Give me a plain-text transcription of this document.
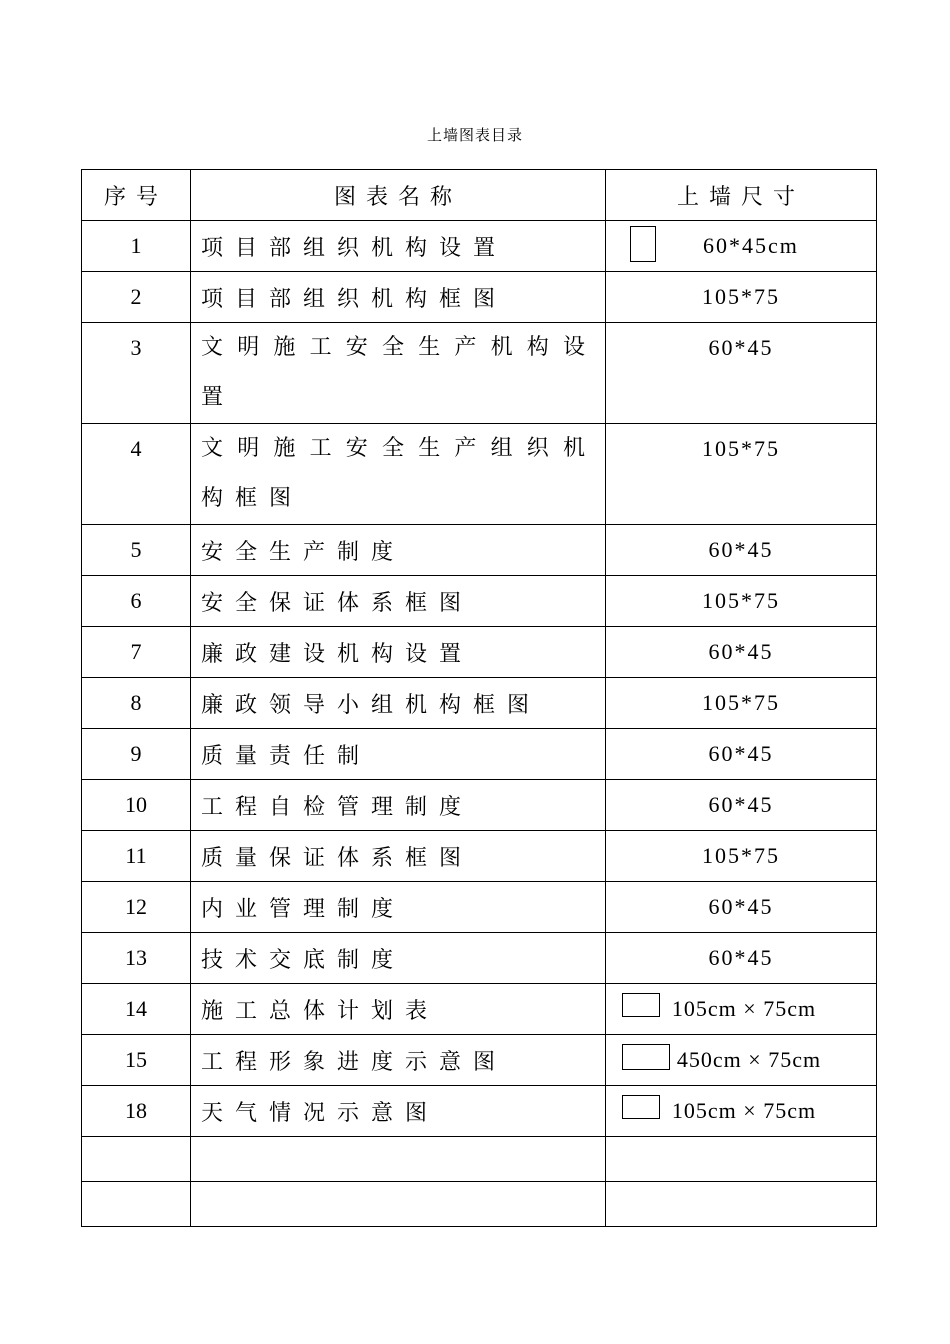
上墙图表目录
序号	图表名称	上墙尺寸
1	项目部组织机构设置	60*45cm
2	项目部组织机构框图	105*75
3	文明施工安全生产机构设置	60*45
4	文明施工安全生产组织机构框图	105*75
5	安全生产制度	60*45
6	安全保证体系框图	105*75
7	廉政建设机构设置	60*45
8	廉政领导小组机构框图	105*75
9	质量责任制	60*45
10	工程自检管理制度	60*45
11	质量保证体系框图	105*75
12	内业管理制度	60*45
13	技术交底制度	60*45
14	施工总体计划表	105cm × 75cm
15	工程形象进度示意图	450cm × 75cm
18	天气情况示意图	105cm × 75cm
